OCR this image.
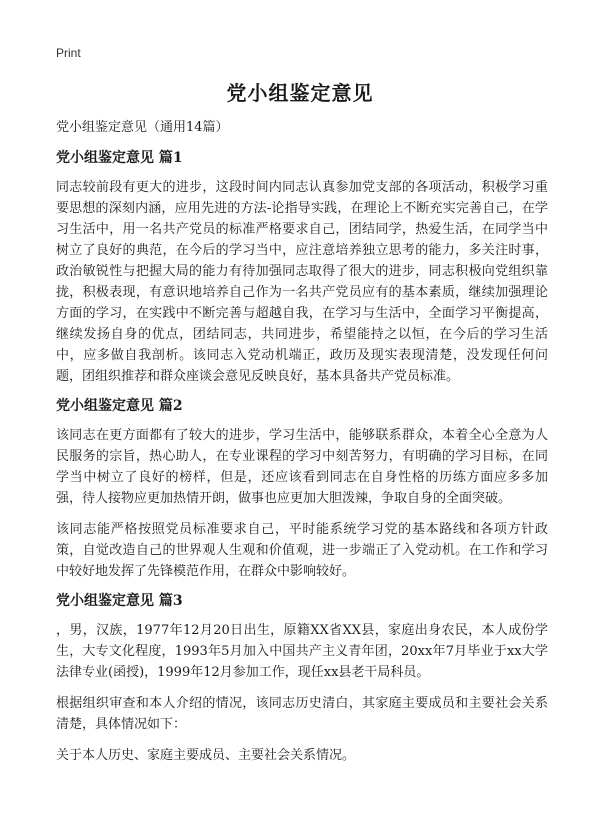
Print
党小组鉴定意见

党小组鉴定意见（通用14篇）

党小组鉴定意见 篇1

同志较前段有更大的进步，这段时间内同志认真参加党支部的各项活动，积极学习重要思想的深刻内涵，应用先进的方法-论指导实践，在理论上不断充实完善自己，在学习生活中，用一名共产党员的标准严格要求自己，团结同学，热爱生活，在同学当中树立了良好的典范，在今后的学习当中，应注意培养独立思考的能力，多关注时事，政治敏锐性与把握大局的能力有待加强同志取得了很大的进步，同志积极向党组织靠拢，积极表现，有意识地培养自己作为一名共产党员应有的基本素质，继续加强理论方面的学习，在实践中不断完善与超越自我，在学习与生活中，全面学习平衡提高，继续发扬自身的优点，团结同志，共同进步，希望能持之以恒，在今后的学习生活中，应多做自我剖析。该同志入党动机端正，政历及现实表现清楚，没发现任何问题，团组织推荐和群众座谈会意见反映良好，基本具备共产党员标准。

党小组鉴定意见 篇2

该同志在更方面都有了较大的进步，学习生活中，能够联系群众，本着全心全意为人民服务的宗旨，热心助人，在专业课程的学习中刻苦努力，有明确的学习目标，在同学当中树立了良好的榜样，但是，还应该看到同志在自身性格的历练方面应多多加强，待人接物应更加热情开朗，做事也应更加大胆泼辣，争取自身的全面突破。

该同志能严格按照党员标准要求自己，平时能系统学习党的基本路线和各项方针政策，自觉改造自己的世界观人生观和价值观，进一步端正了入党动机。在工作和学习中较好地发挥了先锋模范作用，在群众中影响较好。

党小组鉴定意见 篇3

，男，汉族，1977年12月20日出生，原籍XX省XX县，家庭出身农民，本人成份学生，大专文化程度，1993年5月加入中国共产主义青年团，20xx年7月毕业于xx大学法律专业(函授)，1999年12月参加工作，现任xx县老干局科员。

根据组织审查和本人介绍的情况，该同志历史清白，其家庭主要成员和主要社会关系清楚，具体情况如下：

关于本人历史、家庭主要成员、主要社会关系情况。
